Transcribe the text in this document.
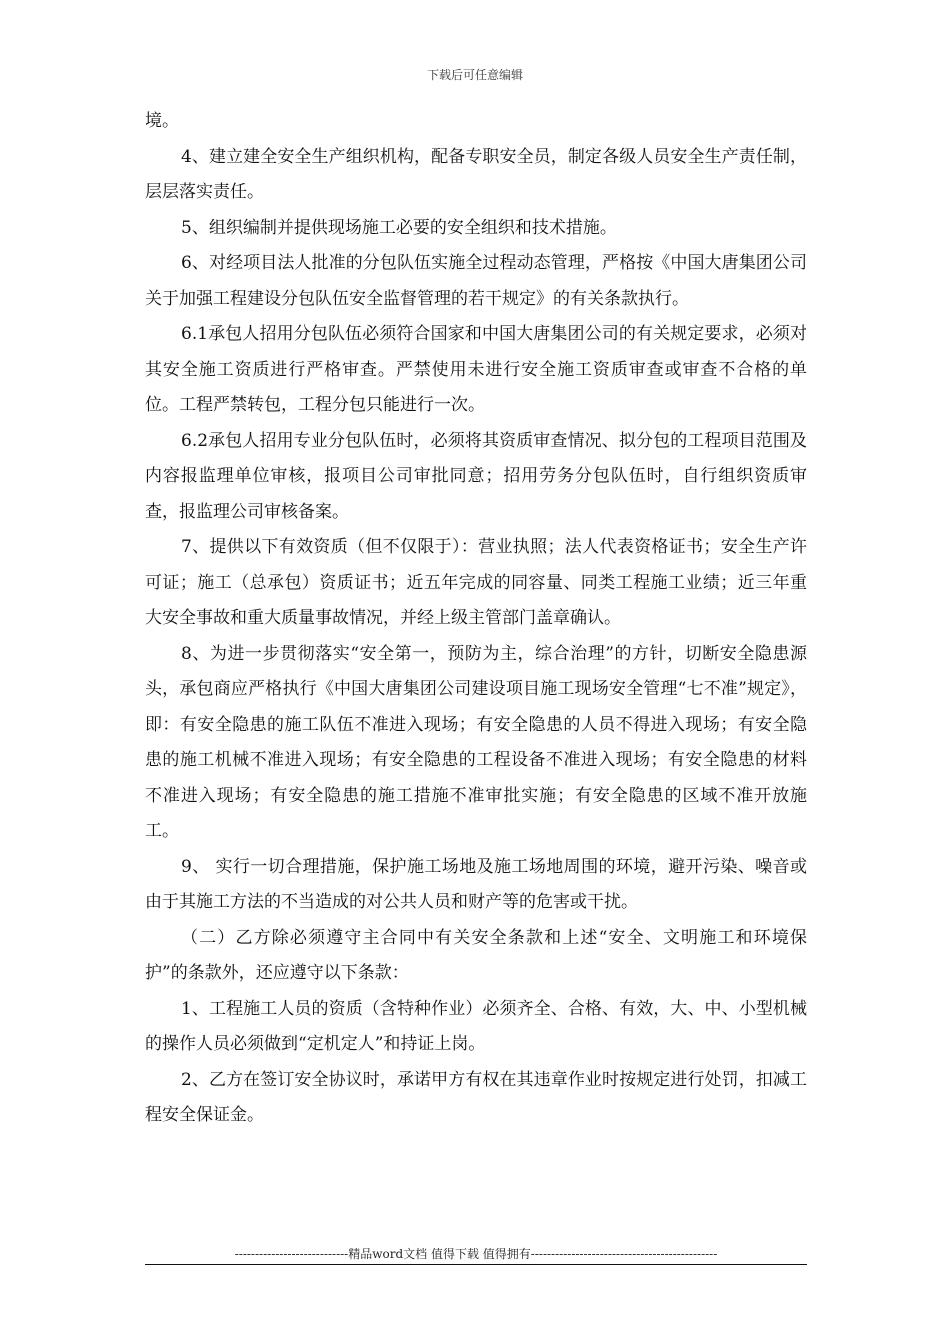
下载后可任意编辑

境。

4、建立建全安全生产组织机构，配备专职安全员，制定各级人员安全生产责任制，层层落实责任。

5、组织编制并提供现场施工必要的安全组织和技术措施。

6、对经项目法人批准的分包队伍实施全过程动态管理，严格按《中国大唐集团公司关于加强工程建设分包队伍安全监督管理的若干规定》的有关条款执行。

6.1承包人招用分包队伍必须符合国家和中国大唐集团公司的有关规定要求，必须对其安全施工资质进行严格审查。严禁使用未进行安全施工资质审查或审查不合格的单位。工程严禁转包，工程分包只能进行一次。

6.2承包人招用专业分包队伍时，必须将其资质审查情况、拟分包的工程项目范围及内容报监理单位审核，报项目公司审批同意；招用劳务分包队伍时，自行组织资质审查，报监理公司审核备案。

7、提供以下有效资质（但不仅限于）：营业执照；法人代表资格证书；安全生产许可证；施工（总承包）资质证书；近五年完成的同容量、同类工程施工业绩；近三年重大安全事故和重大质量事故情况，并经上级主管部门盖章确认。

8、为进一步贯彻落实“安全第一，预防为主，综合治理”的方针，切断安全隐患源头，承包商应严格执行《中国大唐集团公司建设项目施工现场安全管理“七不准”规定》，即：有安全隐患的施工队伍不准进入现场；有安全隐患的人员不得进入现场；有安全隐患的施工机械不准进入现场；有安全隐患的工程设备不准进入现场；有安全隐患的材料不准进入现场；有安全隐患的施工措施不准审批实施；有安全隐患的区域不准开放施工。

9、 实行一切合理措施，保护施工场地及施工场地周围的环境，避开污染、噪音或由于其施工方法的不当造成的对公共人员和财产等的危害或干扰。

（二）乙方除必须遵守主合同中有关安全条款和上述“安全、文明施工和环境保护”的条款外，还应遵守以下条款：

1、工程施工人员的资质（含特种作业）必须齐全、合格、有效，大、中、小型机械的操作人员必须做到“定机定人”和持证上岗。

2、乙方在签订安全协议时，承诺甲方有权在其违章作业时按规定进行处罚，扣减工程安全保证金。

----------------------------精品word文档 值得下载 值得拥有----------------------------------------------
